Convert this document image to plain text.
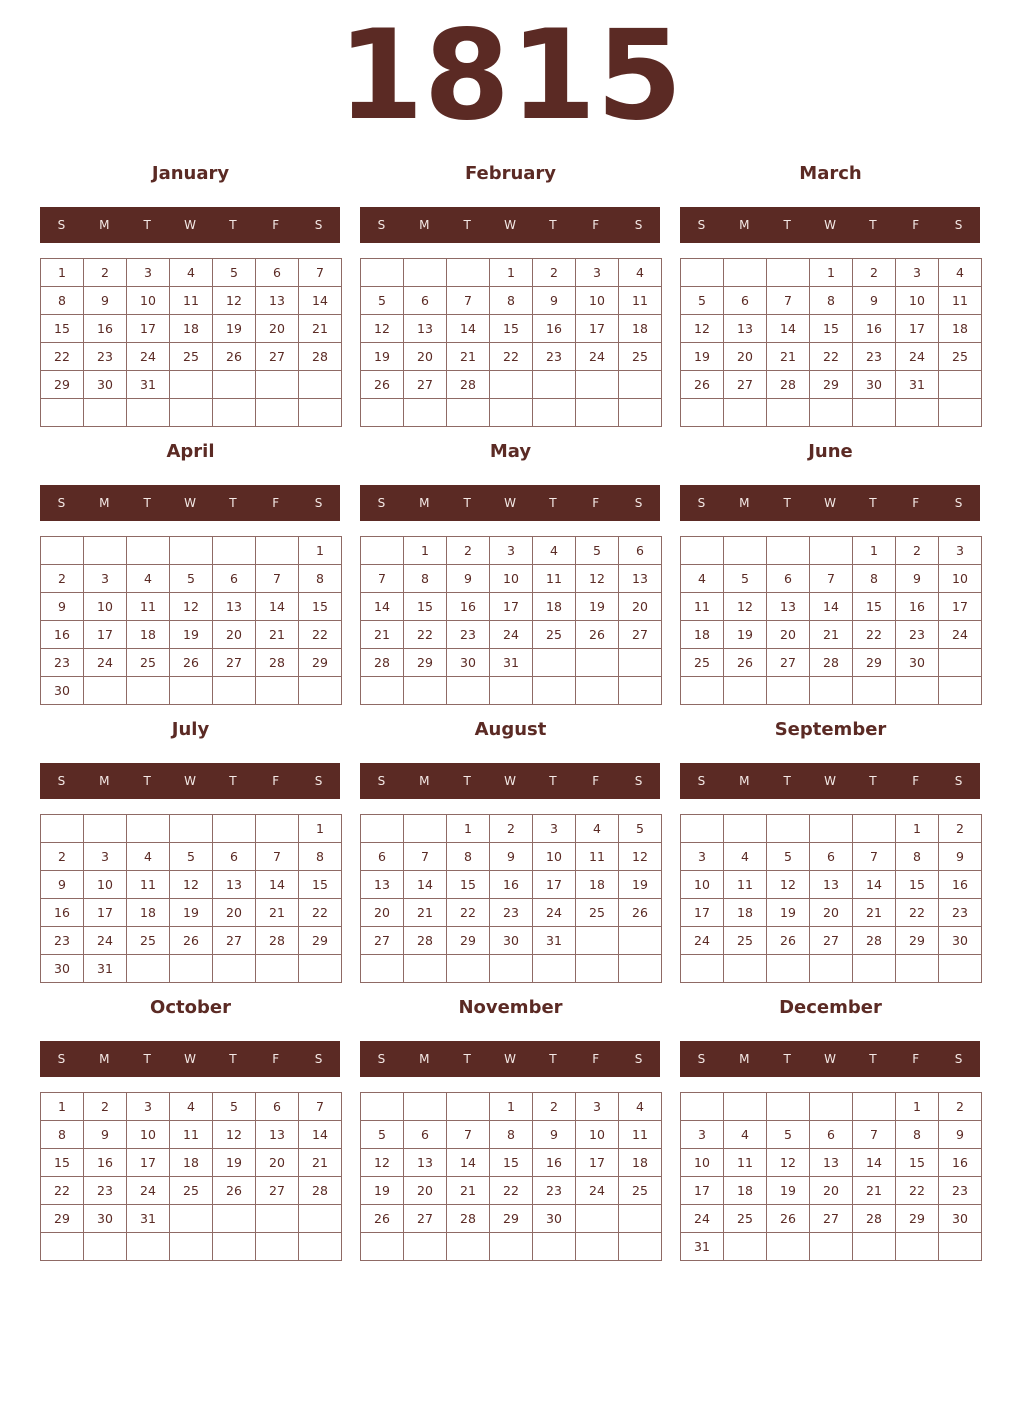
1815
January
S	M	T	W	T	F	S
1	2	3	4	5	6	7
8	9	10	11	12	13	14
15	16	17	18	19	20	21
22	23	24	25	26	27	28
29	30	31				

February
S	M	T	W	T	F	S
			1	2	3	4
5	6	7	8	9	10	11
12	13	14	15	16	17	18
19	20	21	22	23	24	25
26	27	28				

March
S	M	T	W	T	F	S
			1	2	3	4
5	6	7	8	9	10	11
12	13	14	15	16	17	18
19	20	21	22	23	24	25
26	27	28	29	30	31	

April
S	M	T	W	T	F	S
						1
2	3	4	5	6	7	8
9	10	11	12	13	14	15
16	17	18	19	20	21	22
23	24	25	26	27	28	29
30						
May
S	M	T	W	T	F	S
	1	2	3	4	5	6
7	8	9	10	11	12	13
14	15	16	17	18	19	20
21	22	23	24	25	26	27
28	29	30	31			

June
S	M	T	W	T	F	S
				1	2	3
4	5	6	7	8	9	10
11	12	13	14	15	16	17
18	19	20	21	22	23	24
25	26	27	28	29	30	

July
S	M	T	W	T	F	S
						1
2	3	4	5	6	7	8
9	10	11	12	13	14	15
16	17	18	19	20	21	22
23	24	25	26	27	28	29
30	31					
August
S	M	T	W	T	F	S
		1	2	3	4	5
6	7	8	9	10	11	12
13	14	15	16	17	18	19
20	21	22	23	24	25	26
27	28	29	30	31		

September
S	M	T	W	T	F	S
					1	2
3	4	5	6	7	8	9
10	11	12	13	14	15	16
17	18	19	20	21	22	23
24	25	26	27	28	29	30

October
S	M	T	W	T	F	S
1	2	3	4	5	6	7
8	9	10	11	12	13	14
15	16	17	18	19	20	21
22	23	24	25	26	27	28
29	30	31				

November
S	M	T	W	T	F	S
			1	2	3	4
5	6	7	8	9	10	11
12	13	14	15	16	17	18
19	20	21	22	23	24	25
26	27	28	29	30		

December
S	M	T	W	T	F	S
					1	2
3	4	5	6	7	8	9
10	11	12	13	14	15	16
17	18	19	20	21	22	23
24	25	26	27	28	29	30
31						
